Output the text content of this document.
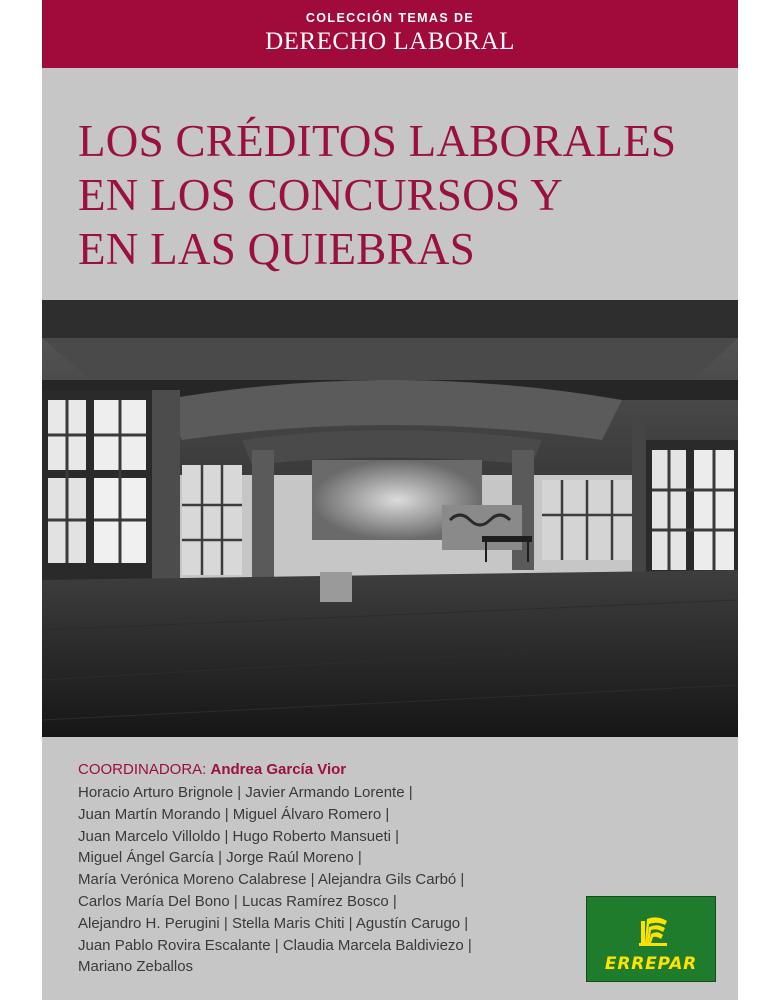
COLECCIÓN TEMAS DE
DERECHO LABORAL
LOS CRÉDITOS LABORALES
EN LOS CONCURSOS Y
EN LAS QUIEBRAS
COORDINADORA: Andrea García Vior
Horacio Arturo Brignole | Javier Armando Lorente |
Juan Martín Morando | Miguel Álvaro Romero |
Juan Marcelo Villoldo | Hugo Roberto Mansueti |
Miguel Ángel García | Jorge Raúl Moreno |
María Verónica Moreno Calabrese | Alejandra Gils Carbó |
Carlos María Del Bono | Lucas Ramírez Bosco |
Alejandro H. Perugini | Stella Maris Chiti | Agustín Carugo |
Juan Pablo Rovira Escalante | Claudia Marcela Baldiviezo |
Mariano Zeballos	ERREPAR
